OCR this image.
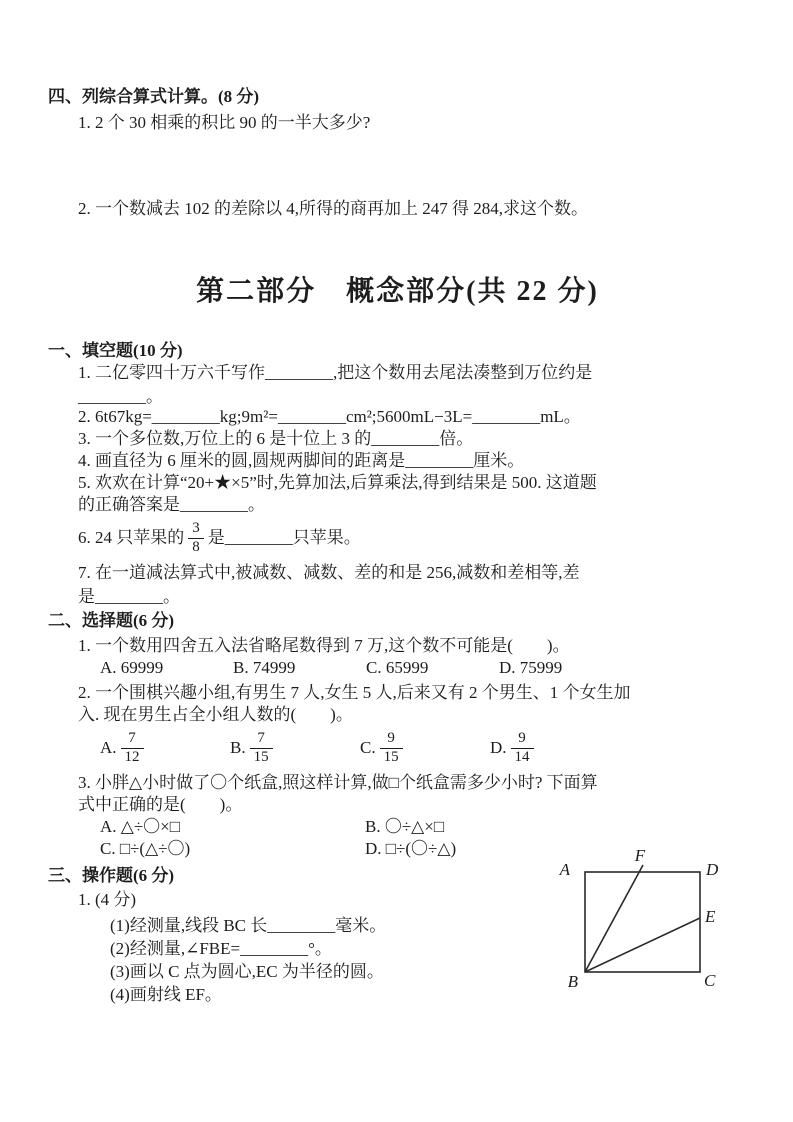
四、列综合算式计算。(8 分)
1. 2 个 30 相乘的积比 90 的一半大多少?
2. 一个数减去 102 的差除以 4,所得的商再加上 247 得 284,求这个数。
第二部分　概念部分(共 22 分)
一、填空题(10 分)
1. 二亿零四十万六千写作________,把这个数用去尾法凑整到万位约是
________。
2. 6t67kg=________kg;9m²=________cm²;5600mL−3L=________mL。
3. 一个多位数,万位上的 6 是十位上 3 的________倍。
4. 画直径为 6 厘米的圆,圆规两脚间的距离是________厘米。
5. 欢欢在计算“20+★×5”时,先算加法,后算乘法,得到结果是 500. 这道题
的正确答案是________。
6. 24 只苹果的 $\frac{3}{8}$ 是________只苹果。
7. 在一道减法算式中,被减数、减数、差的和是 256,减数和差相等,差
是________。
二、选择题(6 分)
1. 一个数用四舍五入法省略尾数得到 7 万,这个数不可能是(　　)。
A. 69999	B. 74999	C. 65999	D. 75999
2. 一个围棋兴趣小组,有男生 7 人,女生 5 人,后来又有 2 个男生、1 个女生加
入. 现在男生占全小组人数的(　　)。
A. $\frac{7}{12}$	B. $\frac{7}{15}$	C. $\frac{9}{15}$	D. $\frac{9}{14}$
3. 小胖△小时做了〇个纸盒,照这样计算,做□个纸盒需多少小时? 下面算
式中正确的是(　　)。
A. △÷〇×□	B. 〇÷△×□
C. □÷(△÷〇)	D. □÷(〇÷△)
三、操作题(6 分)
1. (4 分)
(1)经测量,线段 BC 长________毫米。
(2)经测量,∠FBE=________°。
(3)画以 C 点为圆心,EC 为半径的圆。
(4)画射线 EF。
A
F
D
E
B	C
